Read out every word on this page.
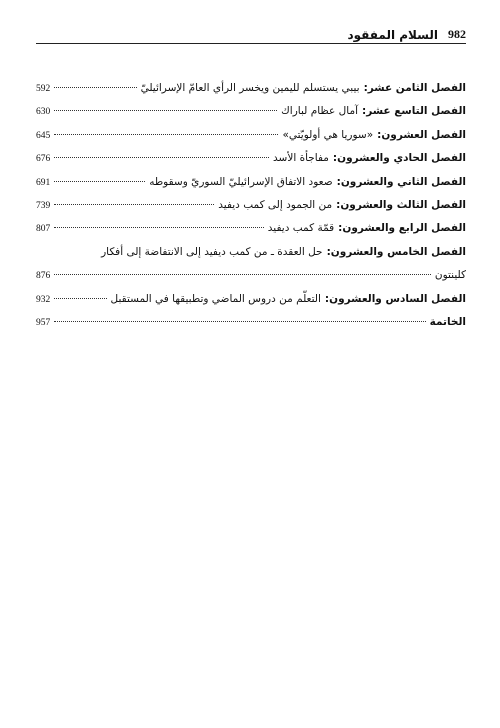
982
السلام المفقود
الفصل الثامن عشر:
بيبي يستسلم لليمين ويخسر الرأي العامّ الإسرائيليّ
592
الفصل التاسع عشر:
آمال عظام لباراك
630
الفصل العشرون:
«سوريا هي أولويّتي»
645
الفصل الحادي والعشرون:
مفاجأة الأسد
676
الفصل الثاني والعشرون:
صعود الاتفاق الإسرائيليّ السوريّ وسقوطه
691
الفصل الثالث والعشرون:
من الجمود إلى كمب ديفيد
739
الفصل الرابع والعشرون:
قمّة كمب ديفيد
807
الفصل الخامس والعشرون:
حل العقدة ـ من كمب ديفيد إلى الانتفاضة إلى أفكار
كلينتون
876
الفصل السادس والعشرون:
التعلّم من دروس الماضي وتطبيقها في المستقبل
932
الخاتمة
957
